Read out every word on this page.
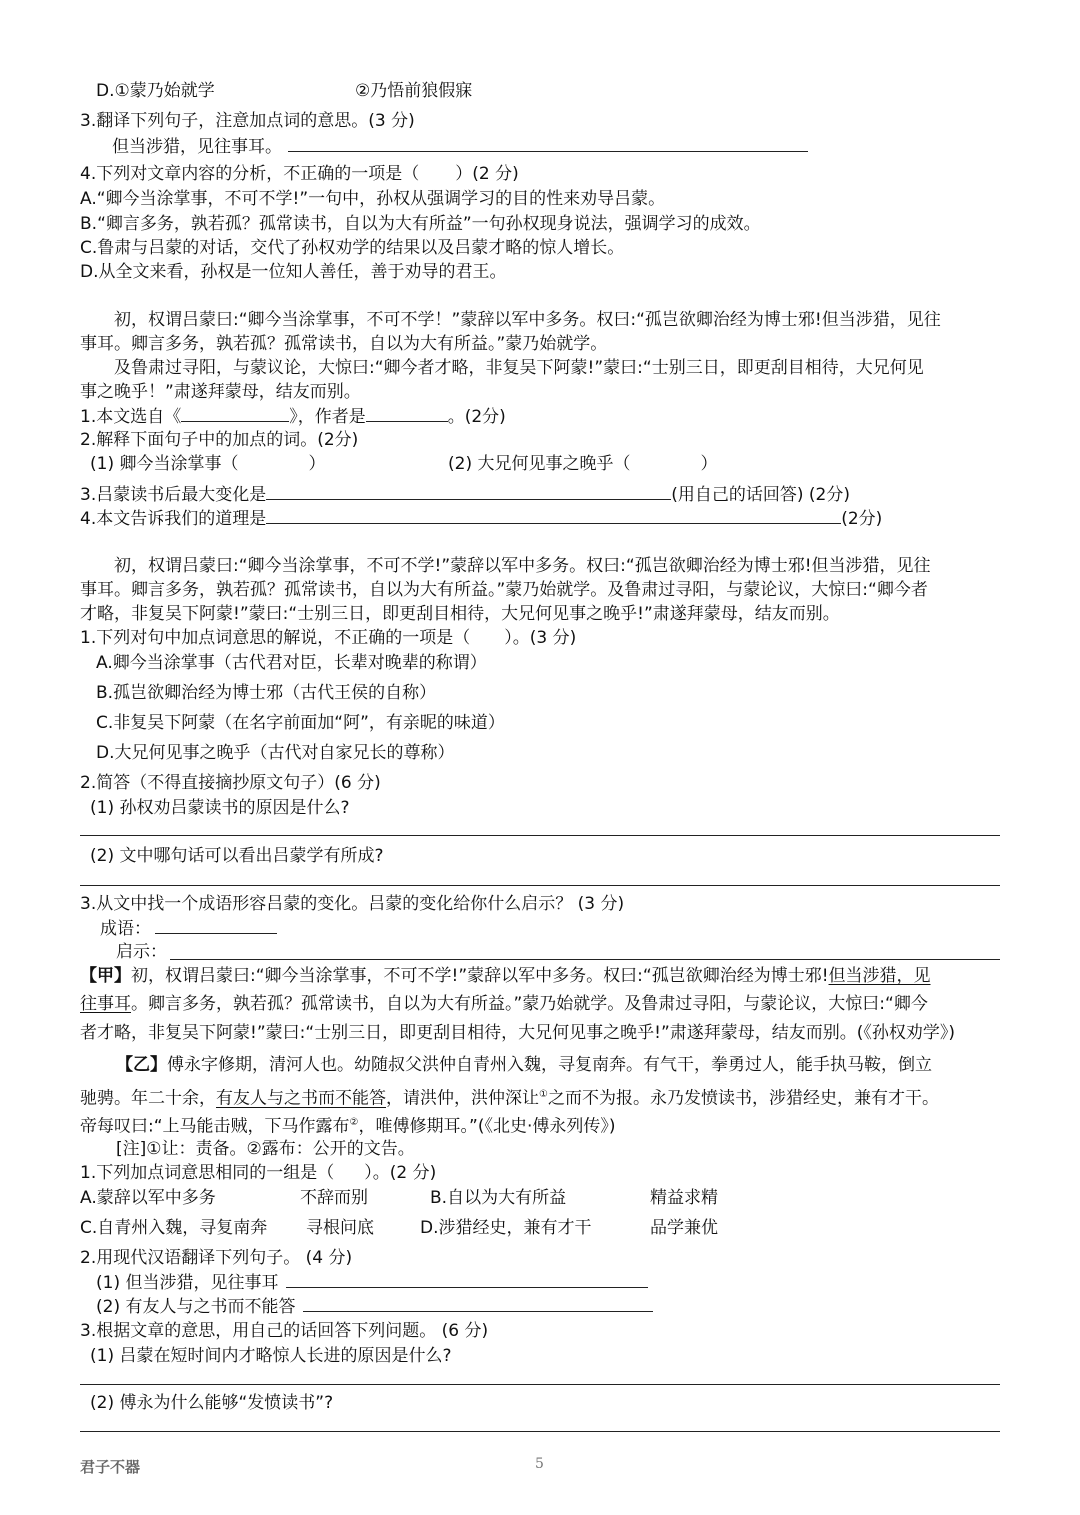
D.①蒙乃始就学	②乃悟前狼假寐
3.翻译下列句子，注意加点词的意思。(3 分)
但当涉猎，见往事耳。
4.下列对文章内容的分析，不正确的一项是（ ）(2 分)
A.“卿今当涂掌事，不可不学!”一句中，孙权从强调学习的目的性来劝导吕蒙。
B.“卿言多务，孰若孤？孤常读书，自以为大有所益”一句孙权现身说法，强调学习的成效。
C.鲁肃与吕蒙的对话，交代了孙权劝学的结果以及吕蒙才略的惊人增长。
D.从全文来看，孙权是一位知人善任，善于劝导的君王。
初，权谓吕蒙曰:“卿今当涂掌事，不可不学！”蒙辞以军中多务。权曰:“孤岂欲卿治经为博士邪!但当涉猎，见往
事耳。卿言多务，孰若孤？孤常读书，自以为大有所益。”蒙乃始就学。
及鲁肃过寻阳，与蒙议论，大惊曰:“卿今者才略，非复吴下阿蒙!”蒙曰:“士别三日，即更刮目相待，大兄何见
事之晚乎！”肃遂拜蒙母，结友而别。
1.本文选自《	》，作者是	。(2分)
2.解释下面句子中的加点的词。(2分)
(1) 卿今当涂掌事（	）	(2) 大兄何见事之晚乎（	）
3.吕蒙读书后最大变化是	(用自己的话回答) (2分)
4.本文告诉我们的道理是	(2分)
初，权谓吕蒙曰:“卿今当涂掌事，不可不学!”蒙辞以军中多务。权曰:“孤岂欲卿治经为博士邪!但当涉猎，见往
事耳。卿言多务，孰若孤？孤常读书，自以为大有所益。”蒙乃始就学。及鲁肃过寻阳，与蒙论议，大惊曰:“卿今者
才略，非复吴下阿蒙!”蒙曰:“士别三日，即更刮目相待，大兄何见事之晚乎!”肃遂拜蒙母，结友而别。
1.下列对句中加点词意思的解说，不正确的一项是（ ）。(3 分)
A.卿今当涂掌事（古代君对臣，长辈对晚辈的称谓）
B.孤岂欲卿治经为博士邪（古代王侯的自称）
C.非复吴下阿蒙（在名字前面加“阿”，有亲昵的味道）
D.大兄何见事之晚乎（古代对自家兄长的尊称）
2.简答（不得直接摘抄原文句子）(6 分)
(1) 孙权劝吕蒙读书的原因是什么?
(2) 文中哪句话可以看出吕蒙学有所成?
3.从文中找一个成语形容吕蒙的变化。吕蒙的变化给你什么启示？ (3 分)
成语：
启示：
【甲】初，权谓吕蒙曰:“卿今当涂掌事，不可不学!”蒙辞以军中多务。权曰:“孤岂欲卿治经为博士邪!但当涉猎，见
往事耳。卿言多务，孰若孤？孤常读书，自以为大有所益。”蒙乃始就学。及鲁肃过寻阳，与蒙论议，大惊曰:“卿今
者才略，非复吴下阿蒙!”蒙曰:“士别三日，即更刮目相待，大兄何见事之晚乎!”肃遂拜蒙母，结友而别。(《孙权劝学》)
【乙】傅永字修期，清河人也。幼随叔父洪仲自青州入魏，寻复南奔。有气干，拳勇过人，能手执马鞍，倒立
驰骋。年二十余，有友人与之书而不能答，请洪仲，洪仲深让①之而不为报。永乃发愤读书，涉猎经史，兼有才干。
帝每叹曰:“上马能击贼，下马作露布②，唯傅修期耳。”(《北史·傅永列传》)
[注]①让：责备。②露布：公开的文告。
1.下列加点词意思相同的一组是（ ）。(2 分)
A.蒙辞以军中多务	不辞而别	B.自以为大有所益	精益求精
C.自青州入魏，寻复南奔 寻根问底	D.涉猎经史，兼有才干	品学兼优
2.用现代汉语翻译下列句子。 (4 分)
(1) 但当涉猎，见往事耳
(2) 有友人与之书而不能答
3.根据文章的意思，用自己的话回答下列问题。 (6 分)
(1) 吕蒙在短时间内才略惊人长进的原因是什么?
(2) 傅永为什么能够“发愤读书”?
君子不器	5
